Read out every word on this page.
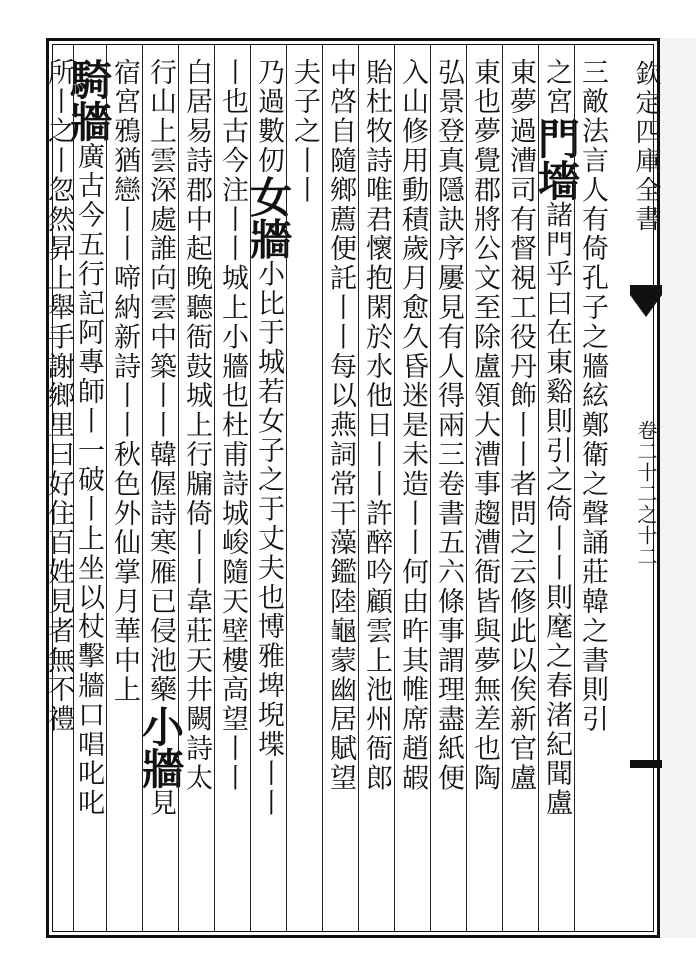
欽定四庫全書
卷二十二之十二
三敵法言人有倚孔子之牆絃鄭衛之聲誦莊韓之書則引
之宮門墻諸門乎曰在東谿則引之倚丨丨則麾之春渚紀聞盧
東夢過漕司有督視工役丹飾丨丨者問之云修此以俟新官盧
東也夢覺郡將公文至除盧領大漕事趨漕衙皆與夢無差也陶
弘景登真隱訣序屢見有人得兩三卷書五六條事謂理盡紙便
入山修用動積歲月愈久昏迷是未造丨丨何由旿其帷席趙嘏
貽杜牧詩唯君懷抱閑於水他日丨丨許醉吟顧雲上池州衙郎
中啓自隨鄉薦便託丨丨每以燕詞常干藻鑑陸龜蒙幽居賦望
夫子之丨丨
乃過數仞女牆小比于城若女子之于丈夫也博雅埤堄堞丨丨
丨也古今注丨丨城上小牆也杜甫詩城峻隨天壁樓高望丨丨
白居易詩郡中起晚聽衙鼓城上行牖倚丨丨韋莊天井闕詩太
行山上雲深處誰向雲中築丨丨韓偓詩寒雁已侵池藥小牆見
宿宮鴉猶戀丨丨啼納新詩丨丨秋色外仙掌月華中上
騎牆廣古今五行記阿專師丨一破丨上坐以杖擊牆口唱叱叱
所丨之丨忽然昇上舉手謝鄉里曰好住百姓見者無不禮
